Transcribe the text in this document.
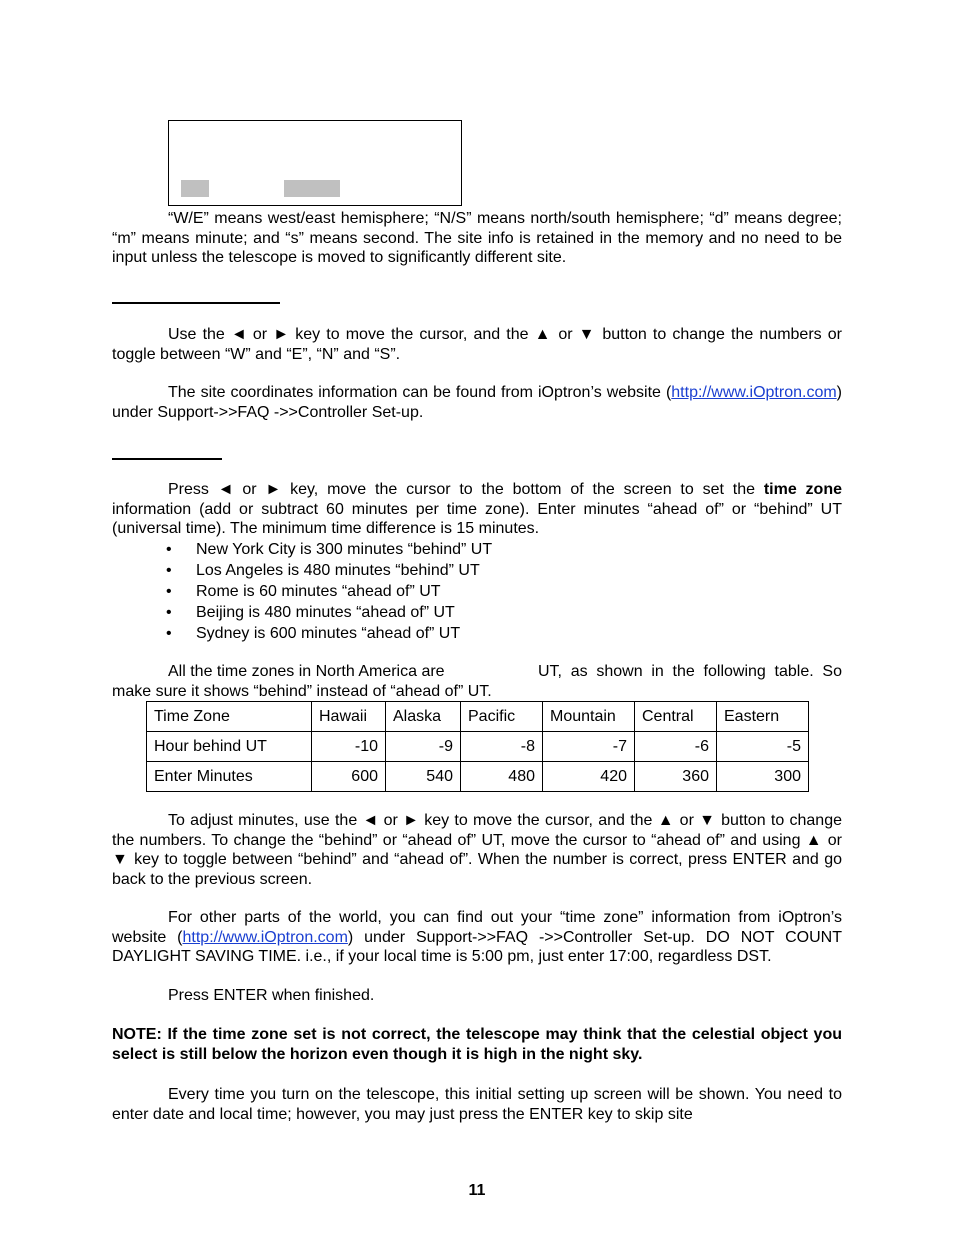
“W/E” means west/east hemisphere; “N/S” means north/south hemisphere; “d” means degree; “m” means minute; and “s” means second. The site info is retained in the memory and no need to be input unless the telescope is moved to significantly different site.

Use the ◄ or ► key to move the cursor, and the ▲ or ▼ button to change the numbers or toggle between “W” and “E”, “N” and “S”.

The site coordinates information can be found from iOptron’s website (http://www.iOptron.com) under Support->>FAQ ->>Controller Set-up.

Press ◄ or ► key, move the cursor to the bottom of the screen to set the time zone information (add or subtract 60 minutes per time zone). Enter minutes “ahead of” or “behind” UT (universal time). The minimum time difference is 15 minutes.

• New York City is 300 minutes “behind” UT
• Los Angeles is 480 minutes “behind” UT
• Rome is 60 minutes “ahead of” UT
• Beijing is 480 minutes “ahead of” UT
• Sydney is 600 minutes “ahead of” UT
All the time zones in North America are	UT, as shown in the following table. So make sure it shows “behind” instead of “ahead of” UT.

Time Zone	Hawaii	Alaska	Pacific	Mountain	Central	Eastern
Hour behind UT	-10	-9	-8	-7	-6	-5
Enter Minutes	600	540	480	420	360	300

To adjust minutes, use the ◄ or ► key to move the cursor, and the ▲ or ▼ button to change the numbers. To change the “behind” or “ahead of” UT, move the cursor to “ahead of” and using ▲ or ▼ key to toggle between “behind” and “ahead of”. When the number is correct, press ENTER and go back to the previous screen.

For other parts of the world, you can find out your “time zone” information from iOptron’s website (http://www.iOptron.com) under Support->>FAQ ->>Controller Set-up. DO NOT COUNT DAYLIGHT SAVING TIME. i.e., if your local time is 5:00 pm, just enter 17:00, regardless DST.

Press ENTER when finished.

NOTE: If the time zone set is not correct, the telescope may think that the celestial object you select is still below the horizon even though it is high in the night sky.

Every time you turn on the telescope, this initial setting up screen will be shown. You need to enter date and local time; however, you may just press the ENTER key to skip site

11
